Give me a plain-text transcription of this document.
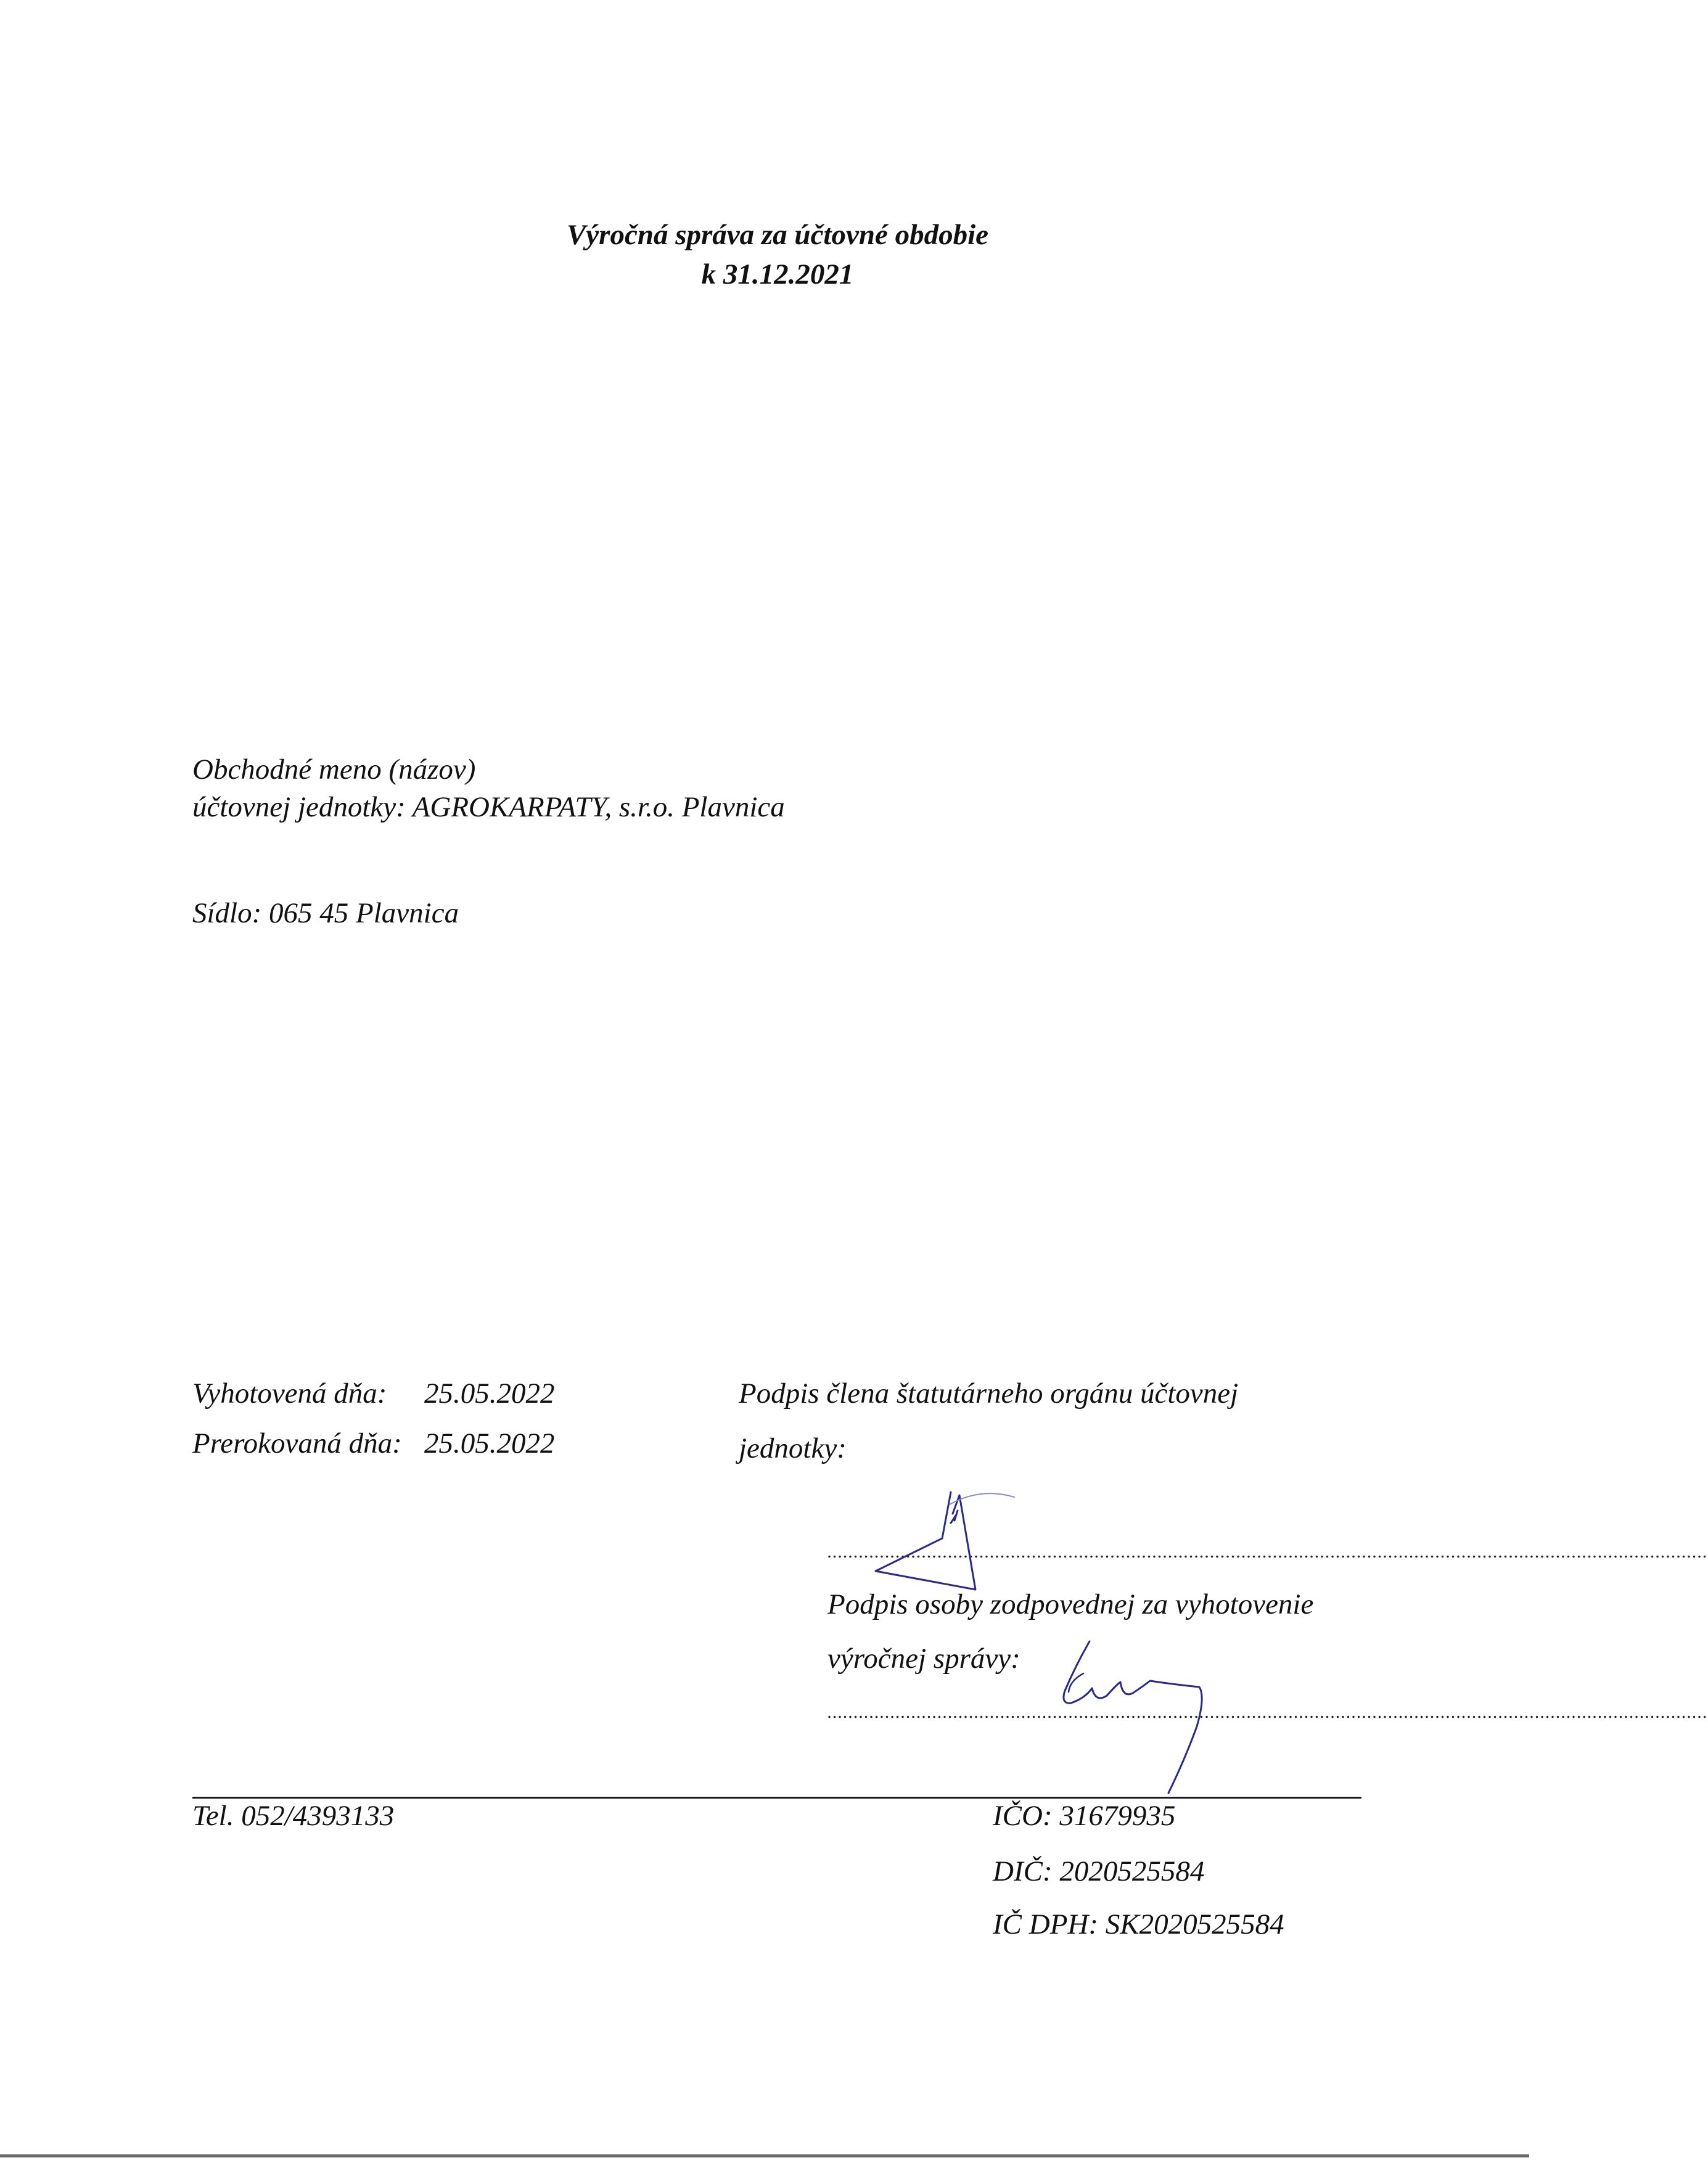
Výročná správa za účtovné obdobie
k 31.12.2021
Obchodné meno (názov)
účtovnej jednotky: AGROKARPATY, s.r.o. Plavnica
Sídlo: 065 45 Plavnica
Vyhotovená dňa: 25.05.2022
Prerokovaná dňa: 25.05.2022
Podpis člena štatutárneho orgánu účtovnej
jednotky:
........................................................................................................................................................................
Podpis osoby zodpovednej za vyhotovenie
výročnej správy:
........................................................................................................................................................................
Tel. 052/4393133	IČO: 31679935
DIČ: 2020525584
IČ DPH: SK2020525584
